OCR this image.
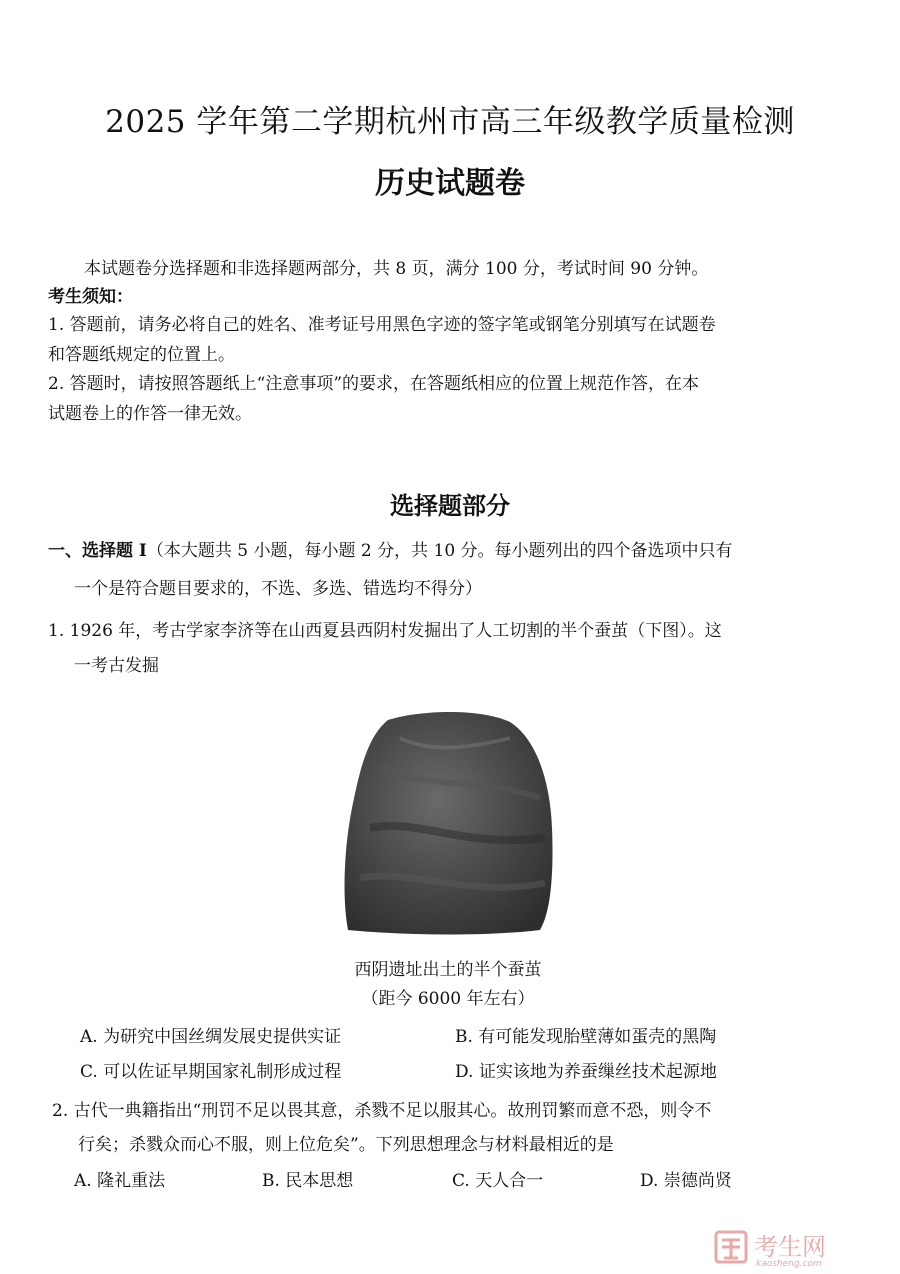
2025 学年第二学期杭州市高三年级教学质量检测
历史试题卷
本试题卷分选择题和非选择题两部分，共 8 页，满分 100 分，考试时间 90 分钟。
考生须知：
1. 答题前，请务必将自己的姓名、准考证号用黑色字迹的签字笔或钢笔分别填写在试题卷
和答题纸规定的位置上。
2. 答题时，请按照答题纸上“注意事项”的要求，在答题纸相应的位置上规范作答，在本
试题卷上的作答一律无效。
选择题部分
一、选择题 I（本大题共 5 小题，每小题 2 分，共 10 分。每小题列出的四个备选项中只有
一个是符合题目要求的，不选、多选、错选均不得分）
1. 1926 年，考古学家李济等在山西夏县西阴村发掘出了人工切割的半个蚕茧（下图）。这
一考古发掘
西阴遗址出土的半个蚕茧
（距今 6000 年左右）
A. 为研究中国丝绸发展史提供实证	B. 有可能发现胎壁薄如蛋壳的黑陶
C. 可以佐证早期国家礼制形成过程	D. 证实该地为养蚕缫丝技术起源地
2. 古代一典籍指出“刑罚不足以畏其意，杀戮不足以服其心。故刑罚繁而意不恐，则令不
行矣；杀戮众而心不服，则上位危矣”。下列思想理念与材料最相近的是
A. 隆礼重法	B. 民本思想	C. 天人合一	D. 崇德尚贤
考生网
kaosheng.com
